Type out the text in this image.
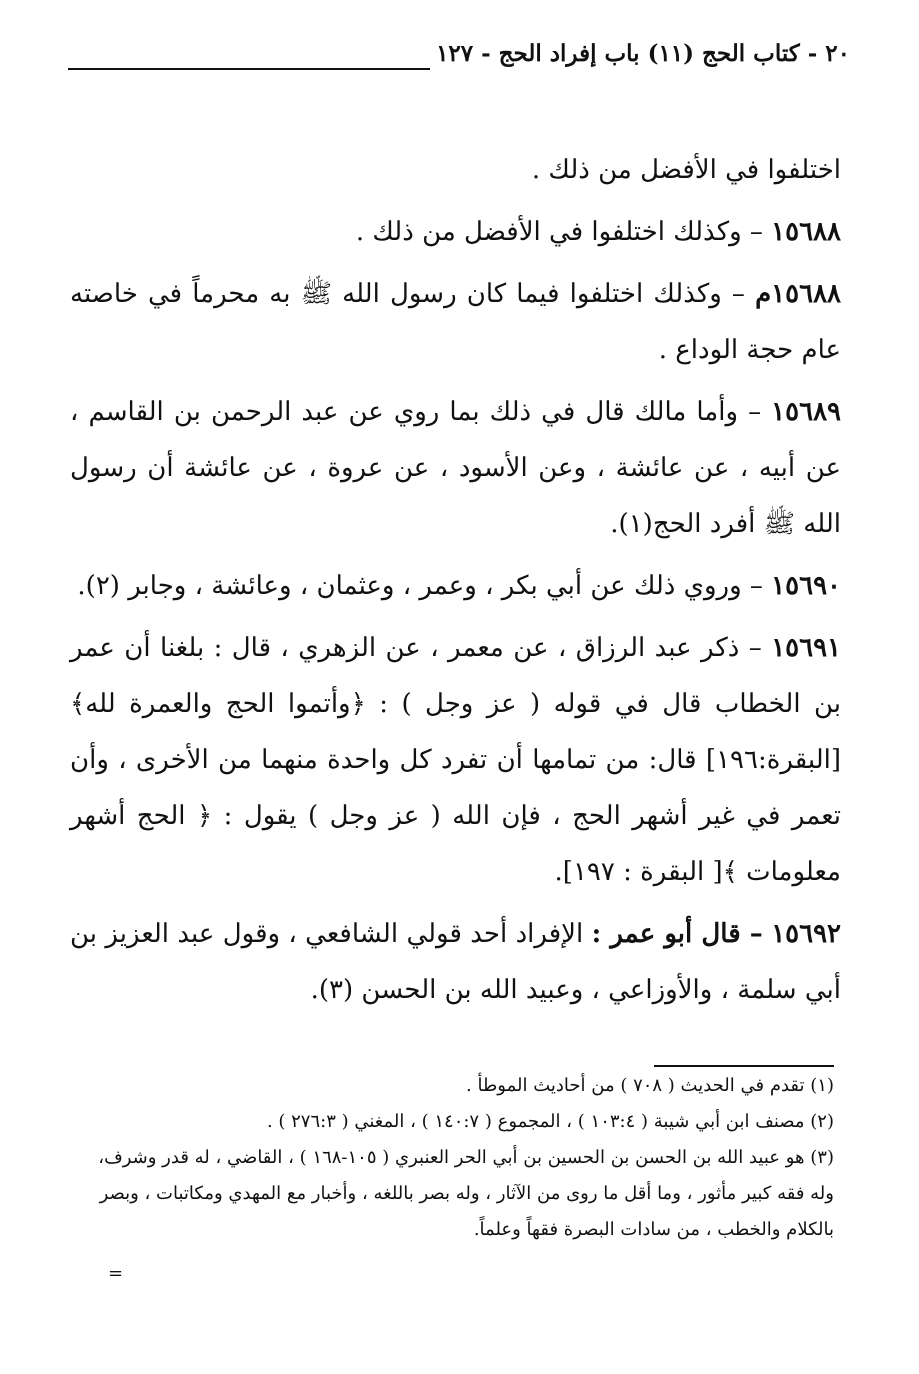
٢٠ - كتاب الحج (١١) باب إفراد الحج - ١٢٧

اختلفوا في الأفضل من ذلك .

١٥٦٨٨ – وكذلك اختلفوا في الأفضل من ذلك .

١٥٦٨٨م – وكذلك اختلفوا فيما كان رسول الله ﷺ به محرماً في خاصته عام حجة الوداع .

١٥٦٨٩ – وأما مالك قال في ذلك بما روي عن عبد الرحمن بن القاسم ، عن أبيه ، عن عائشة ، وعن الأسود ، عن عروة ، عن عائشة أن رسول الله ﷺ أفرد الحج(١).

١٥٦٩٠ – وروي ذلك عن أبي بكر ، وعمر ، وعثمان ، وعائشة ، وجابر (٢).

١٥٦٩١ – ذكر عبد الرزاق ، عن معمر ، عن الزهري ، قال : بلغنا أن عمر بن الخطاب قال في قوله ( عز وجل ) : ﴿وأتموا الحج والعمرة لله﴾ [البقرة:١٩٦] قال: من تمامها أن تفرد كل واحدة منهما من الأخرى ، وأن تعمر في غير أشهر الحج ، فإن الله ( عز وجل ) يقول : ﴿ الحج أشهر معلومات ﴾[ البقرة : ١٩٧].

١٥٦٩٢ – قال أبو عمر : الإفراد أحد قولي الشافعي ، وقول عبد العزيز بن أبي سلمة ، والأوزاعي ، وعبيد الله بن الحسن (٣).

(١) تقدم في الحديث ( ٧٠٨ ) من أحاديث الموطأ .

(٢) مصنف ابن أبي شيبة ( ١٠٣:٤ ) ، المجموع ( ١٤٠:٧ ) ، المغني ( ٢٧٦:٣ ) .

(٣) هو عبيد الله بن الحسن بن الحسين بن أبي الحر العنبري ( ١٠٥-١٦٨ ) ، القاضي ، له قدر وشرف، وله فقه كبير مأثور ، وما أقل ما روى من الآثار ، وله بصر باللغه ، وأخبار مع المهدي ومكاتبات ، وبصر بالكلام والخطب ، من سادات البصرة فقهاً وعلماً.

=
